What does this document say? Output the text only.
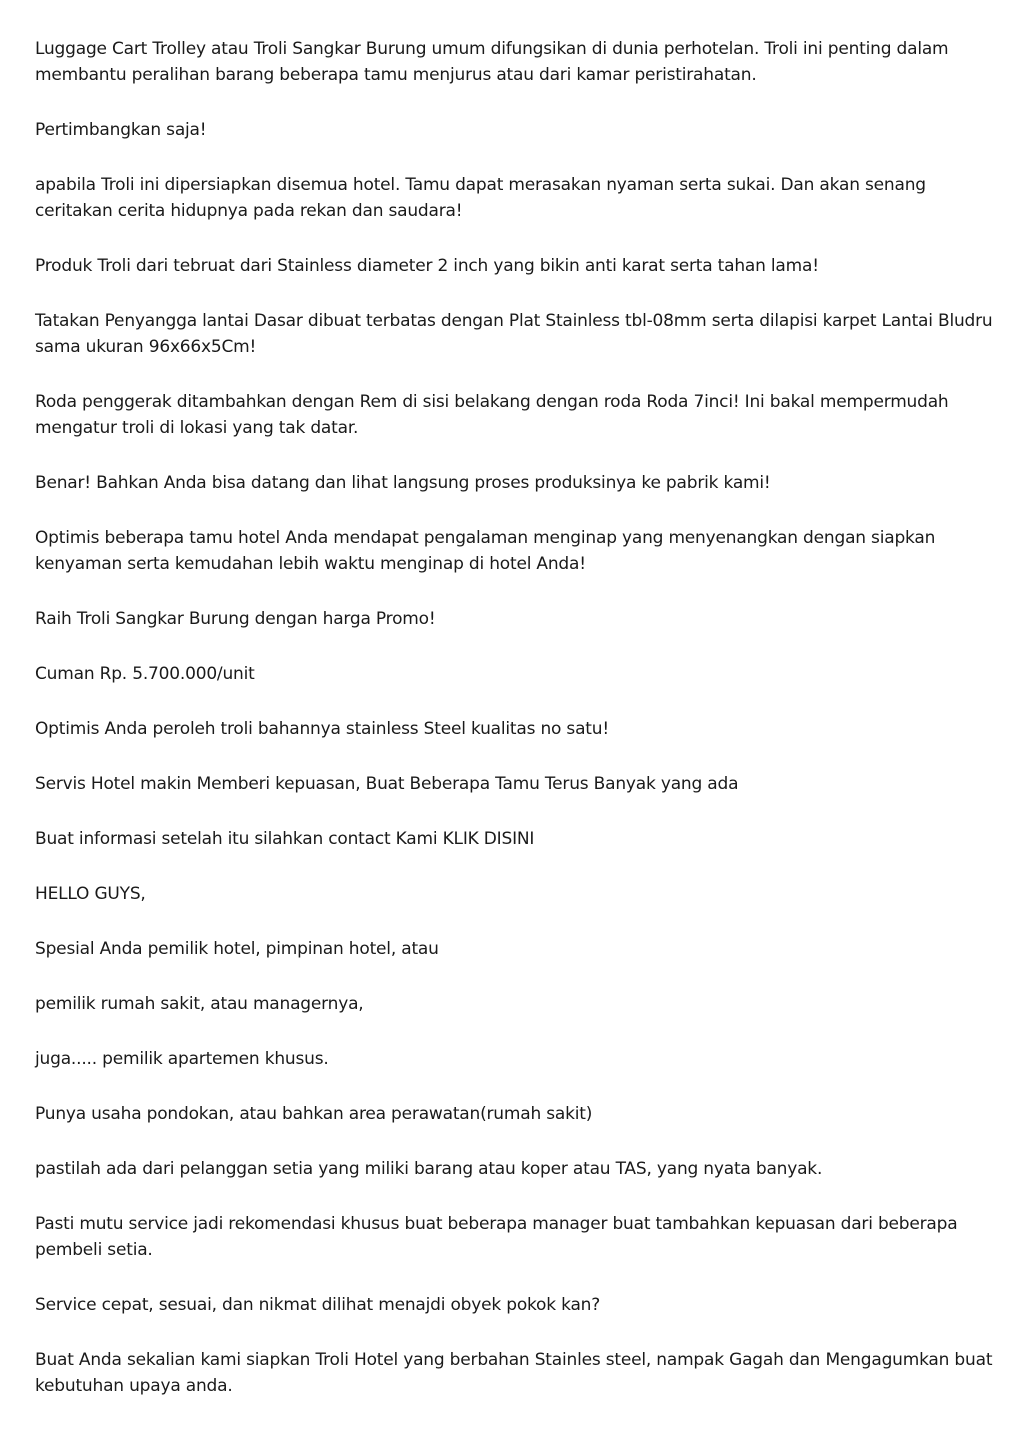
Luggage Cart Trolley atau Troli Sangkar Burung umum difungsikan di dunia perhotelan. Troli ini penting dalam membantu peralihan barang beberapa tamu menjurus atau dari kamar peristirahatan.

Pertimbangkan saja!

apabila Troli ini dipersiapkan disemua hotel. Tamu dapat merasakan nyaman serta sukai. Dan akan senang ceritakan cerita hidupnya pada rekan dan saudara!

Produk Troli dari tebruat dari Stainless diameter 2 inch yang bikin anti karat serta tahan lama!

Tatakan Penyangga lantai Dasar dibuat terbatas dengan Plat Stainless tbl-08mm serta dilapisi karpet Lantai Bludru sama ukuran 96x66x5Cm!

Roda penggerak ditambahkan dengan Rem di sisi belakang dengan roda Roda 7inci! Ini bakal mempermudah mengatur troli di lokasi yang tak datar.

Benar! Bahkan Anda bisa datang dan lihat langsung proses produksinya ke pabrik kami!

Optimis beberapa tamu hotel Anda mendapat pengalaman menginap yang menyenangkan dengan siapkan kenyaman serta kemudahan lebih waktu menginap di hotel Anda!

Raih Troli Sangkar Burung dengan harga Promo!

Cuman Rp. 5.700.000/unit

Optimis Anda peroleh troli bahannya stainless Steel kualitas no satu!

Servis Hotel makin Memberi kepuasan, Buat Beberapa Tamu Terus Banyak yang ada

Buat informasi setelah itu silahkan contact Kami KLIK DISINI

HELLO GUYS,

Spesial Anda pemilik hotel, pimpinan hotel, atau

pemilik rumah sakit, atau managernya,

juga..... pemilik apartemen khusus.

Punya usaha pondokan, atau bahkan area perawatan(rumah sakit)

pastilah ada dari pelanggan setia yang miliki barang atau koper atau TAS, yang nyata banyak.

Pasti mutu service jadi rekomendasi khusus buat beberapa manager buat tambahkan kepuasan dari beberapa pembeli setia.

Service cepat, sesuai, dan nikmat dilihat menajdi obyek pokok kan?

Buat Anda sekalian kami siapkan Troli Hotel yang berbahan Stainles steel, nampak Gagah dan Mengagumkan buat kebutuhan upaya anda.
